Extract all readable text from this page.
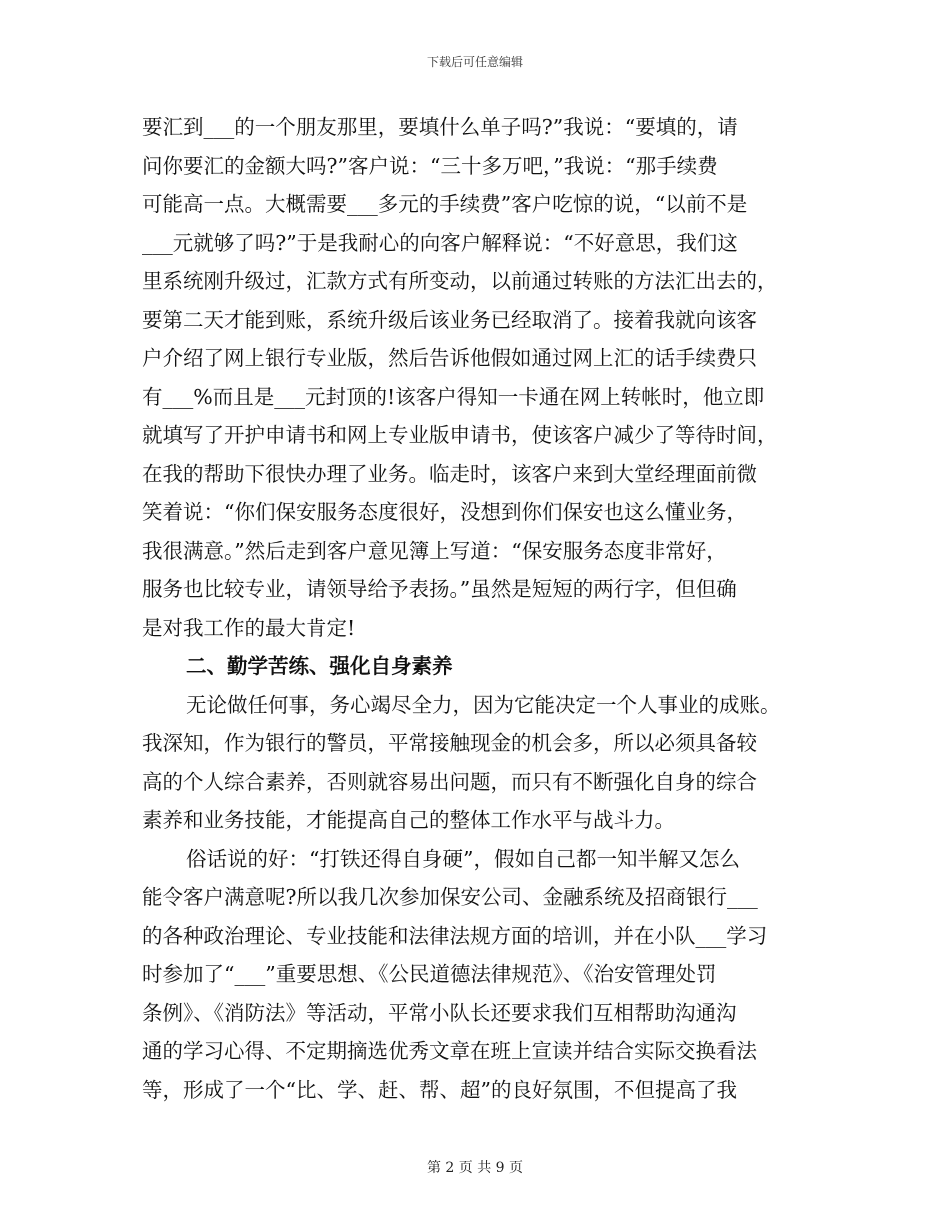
下载后可任意编辑
要汇到___的一个朋友那里，要填什么单子吗?”我说：“要填的，请
问你要汇的金额大吗?”客户说：“三十多万吧，”我说：“那手续费
可能高一点。大概需要___多元的手续费”客户吃惊的说，“以前不是
___元就够了吗?”于是我耐心的向客户解释说：“不好意思，我们这
里系统刚升级过，汇款方式有所变动，以前通过转账的方法汇出去的，
要第二天才能到账，系统升级后该业务已经取消了。接着我就向该客
户介绍了网上银行专业版，然后告诉他假如通过网上汇的话手续费只
有___%而且是___元封顶的!该客户得知一卡通在网上转帐时，他立即
就填写了开护申请书和网上专业版申请书，使该客户减少了等待时间，
在我的帮助下很快办理了业务。临走时，该客户来到大堂经理面前微
笑着说：“你们保安服务态度很好，没想到你们保安也这么懂业务，
我很满意。”然后走到客户意见簿上写道：“保安服务态度非常好，
服务也比较专业，请领导给予表扬。”虽然是短短的两行字，但但确
是对我工作的最大肯定!
二、勤学苦练、强化自身素养
无论做任何事，务心竭尽全力，因为它能决定一个人事业的成账。
我深知，作为银行的警员，平常接触现金的机会多，所以必须具备较
高的个人综合素养，否则就容易出问题，而只有不断强化自身的综合
素养和业务技能，才能提高自己的整体工作水平与战斗力。
俗话说的好：“打铁还得自身硬”，假如自己都一知半解又怎么
能令客户满意呢?所以我几次参加保安公司、金融系统及招商银行___
的各种政治理论、专业技能和法律法规方面的培训，并在小队___学习
时参加了“___”重要思想、《公民道德法律规范》、《治安管理处罚
条例》、《消防法》等活动，平常小队长还要求我们互相帮助沟通沟
通的学习心得、不定期摘选优秀文章在班上宣读并结合实际交换看法
等，形成了一个“比、学、赶、帮、超”的良好氛围，不但提高了我
第 2 页 共 9 页
